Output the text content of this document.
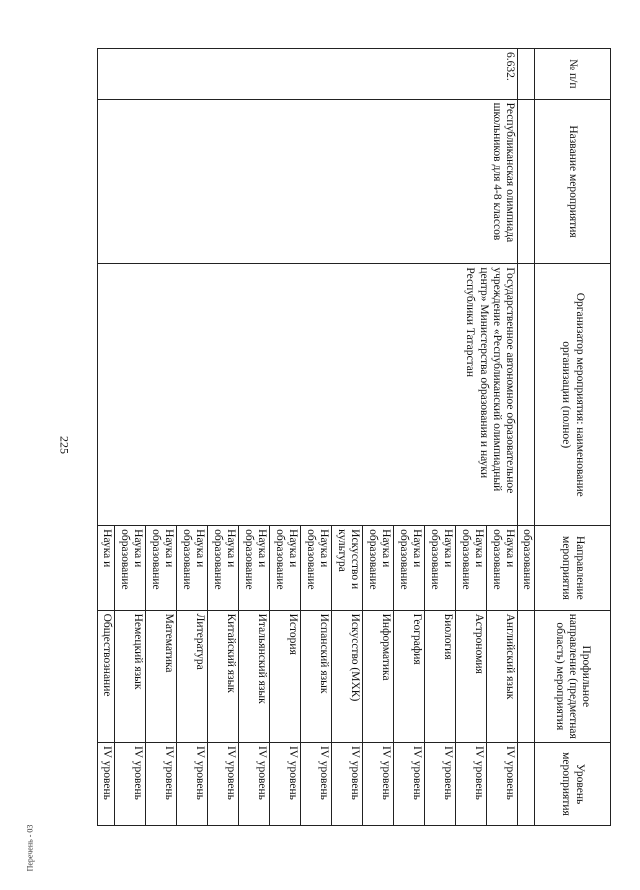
225
№ п/п	Название мероприятия	Организатор мероприятия: наименование организации (полное)	Направление мероприятия	Профильное направление (предметная область) мероприятия	Уровень мероприятия
			образование		
6.632.	Республиканская олимпиада школьников для 4-8 классов	Государственное автономное образовательное учреждение «Республиканский олимпиадный центр» Министерства образования и науки Республики Татарстан	Наука и образование	Английский язык	IV уровень
			Наука и образование	Астрономия	IV уровень
			Наука и образование	Биология	IV уровень
			Наука и образование	География	IV уровень
			Наука и образование	Информатика	IV уровень
			Искусство и культура	Искусство (МХК)	IV уровень
			Наука и образование	Испанский язык	IV уровень
			Наука и образование	История	IV уровень
			Наука и образование	Итальянский язык	IV уровень
			Наука и образование	Китайский язык	IV уровень
			Наука и образование	Литература	IV уровень
			Наука и образование	Математика	IV уровень
			Наука и образование	Немецкий язык	IV уровень
			Наука и	Обществознание	IV уровень
Перечень - 03
